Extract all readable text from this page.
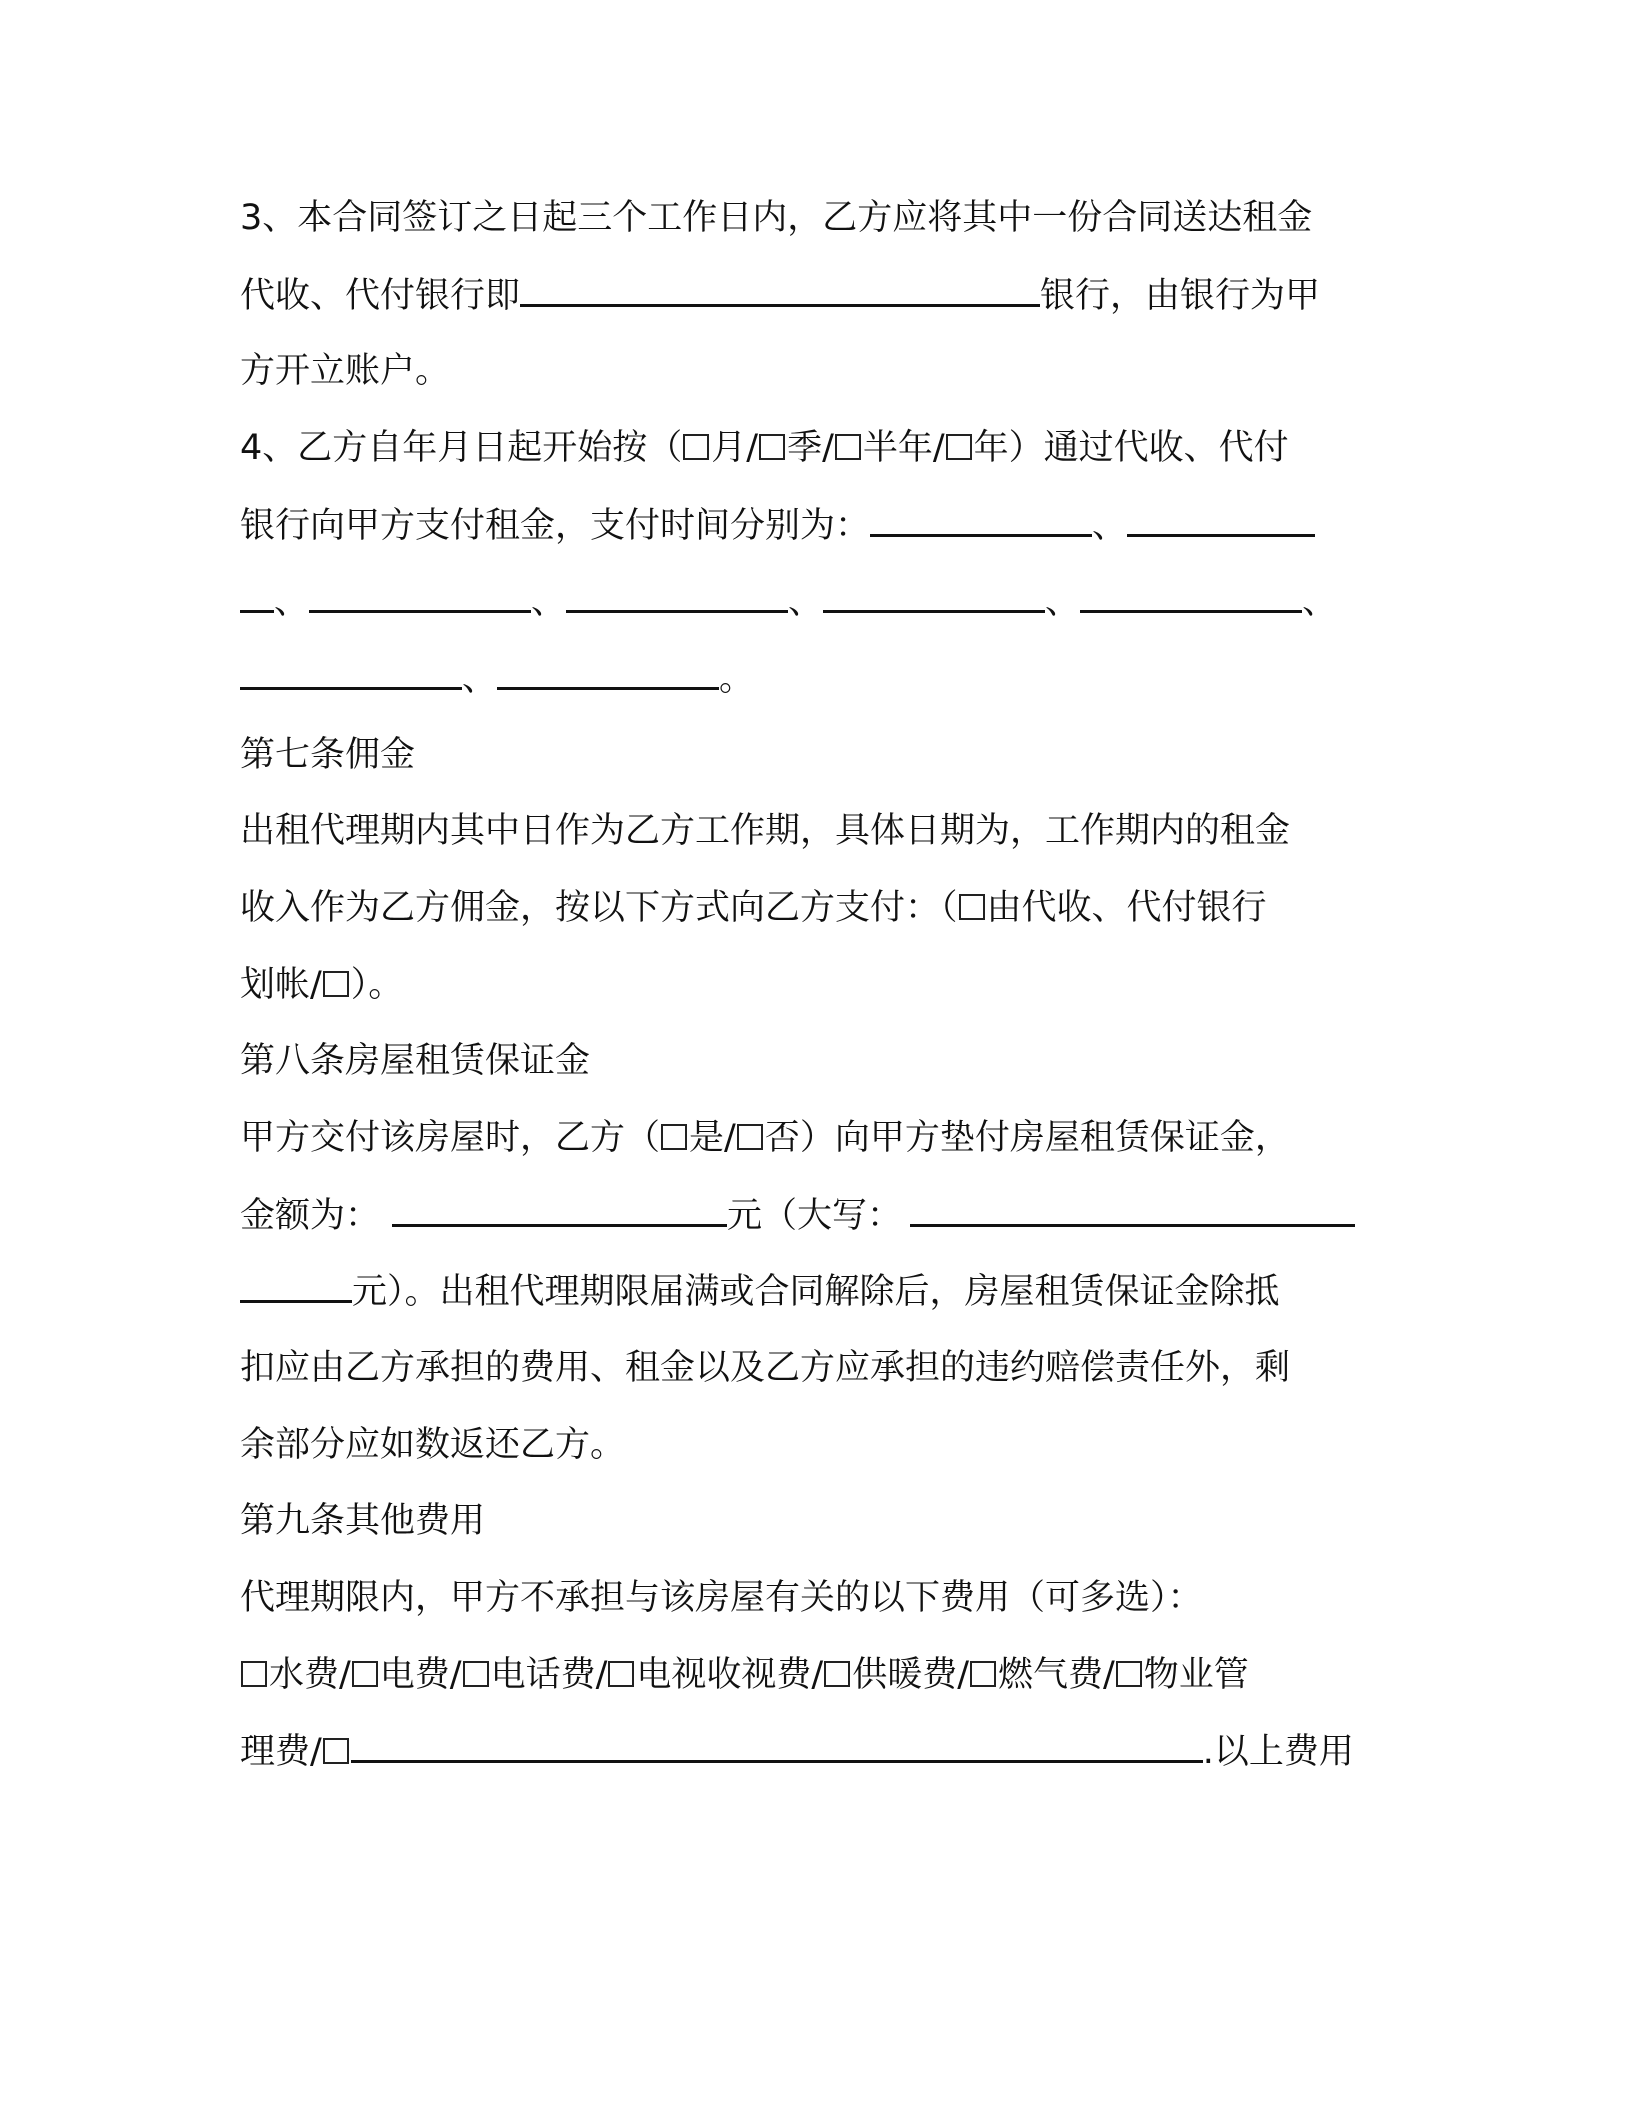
3、本合同签订之日起三个工作日内，乙方应将其中一份合同送达租金
代收、代付银行即	银行，由银行为甲
方开立账户。
4、乙方自年月日起开始按（ 月/ 季/ 半年/ 年）通过代收、代付
银行向甲方支付租金，支付时间分别为：	、
、	、	、	、	、
、	。
第七条佣金
出租代理期内其中日作为乙方工作期，具体日期为，工作期内的租金
收入作为乙方佣金，按以下方式向乙方支付：（ 由代收、代付银行
划帐/ ）。
第八条房屋租赁保证金
甲方交付该房屋时，乙方（ 是/ 否）向甲方垫付房屋租赁保证金，
金额为：	元（大写：
元）。出租代理期限届满或合同解除后，房屋租赁保证金除抵
扣应由乙方承担的费用、租金以及乙方应承担的违约赔偿责任外，剩
余部分应如数返还乙方。
第九条其他费用
代理期限内，甲方不承担与该房屋有关的以下费用（可多选）：
水费/ 电费/ 电话费/ 电视收视费/ 供暖费/ 燃气费/ 物业管
理费/	.以上费用
